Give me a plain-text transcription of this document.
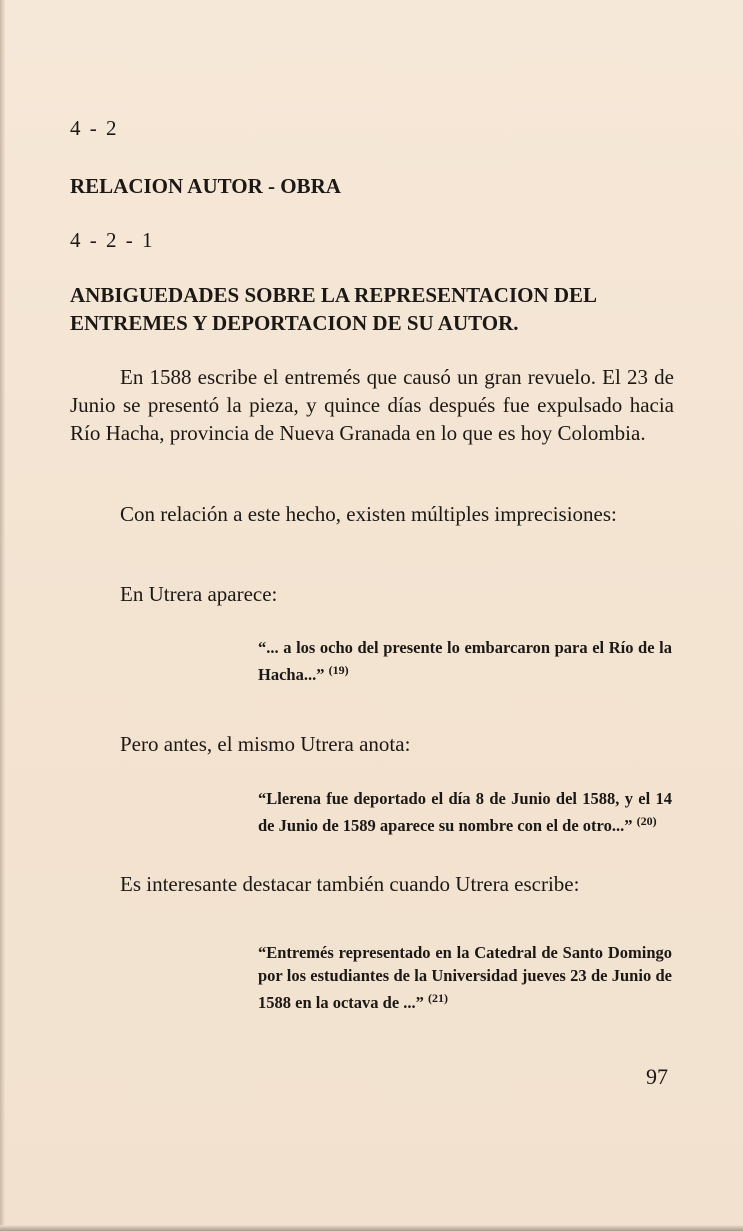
4 - 2

RELACION AUTOR - OBRA

4 - 2 - 1

ANBIGUEDADES SOBRE LA REPRESENTACION DEL ENTREMES Y DEPORTACION DE SU AUTOR.

En 1588 escribe el entremés que causó un gran revuelo. El 23 de Junio se presentó la pieza, y quince días después fue expulsado hacia Río Hacha, provincia de Nueva Granada en lo que es hoy Colombia.

Con relación a este hecho, existen múltiples imprecisiones:

En Utrera aparece:

“... a los ocho del presente lo embarcaron para el Río de la Hacha...” $^{(19)}$

Pero antes, el mismo Utrera anota:

“Llerena fue deportado el día 8 de Junio del 1588, y el 14 de Junio de 1589 aparece su nombre con el de otro...” $^{(20)}$

Es interesante destacar también cuando Utrera escribe:

“Entremés representado en la Catedral de Santo Domingo por los estudiantes de la Universidad jueves 23 de Junio de 1588 en la octava de ...” $^{(21)}$

97
